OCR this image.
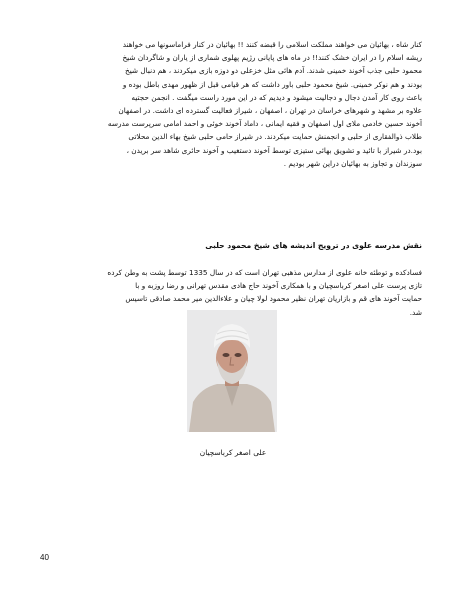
کنار شاه ، بهائیان می خواهند مملکت اسلامی را قبضه کنند !! بهائیان در کنار فراماسونها می خواهند
ریشه اسلام را در ایران خشک کنند!! در ماه های پایانی رژیم پهلوی شماری از یاران و شاگردان شیخ
محمود حلبی جذب آخوند خمینی شدند. آدم هائی مثل خزعلی دو دوزه بازی میکردند ، هم دنبال شیخ
بودند و هم نوکر خمینی. شیخ محمود حلبی باور داشت که هر قیامی قبل از ظهور مهدی باطل بوده و
باعث روی کار آمدن دجال و دجالیت میشود و دیدیم که در این مورد راست میگفت . انجمن حجتیه
علاوه بر مشهد و شهرهای خراسان در تهران ، اصفهان ، شیراز فعالیت گسترده ای داشت. در اصفهان
آخوند حسین خادمی ملای اول اصفهان و فقیه ایمانی ، داماد آخوند خوئی و احمد امامی سرپرست مدرسه
طلاب ذوالفقاری از حلبی و انجمنش حمایت میکردند. در شیراز حامی حلبی شیخ بهاء الدین محلاتی
بود.در شیراز با تائید و تشویق بهائی ستیزی توسط آخوند دستغیب و آخوند حائری شاهد سر بریدن ،
سوزندان و تجاوز به بهائیان دراین شهر بودیم .
نقش مدرسه علوی در ترویج اندیشه های شیخ محمود حلبی
فسادکده و توطئه خانه علوی از مدارس مذهبی تهران است که در سال 1335 توسط پشت به وطن کرده
تازی پرست علی اصغر کرباسچیان و با همکاری آخوند حاج هادی مقدس تهرانی و رضا روزبه و با
حمایت آخوند های قم و بازاریان تهران نظیر محمود لولا چیان و علاءالدین میر محمد صادقی تاسیس
شد.
علی اصغر کرباسچیان
40
